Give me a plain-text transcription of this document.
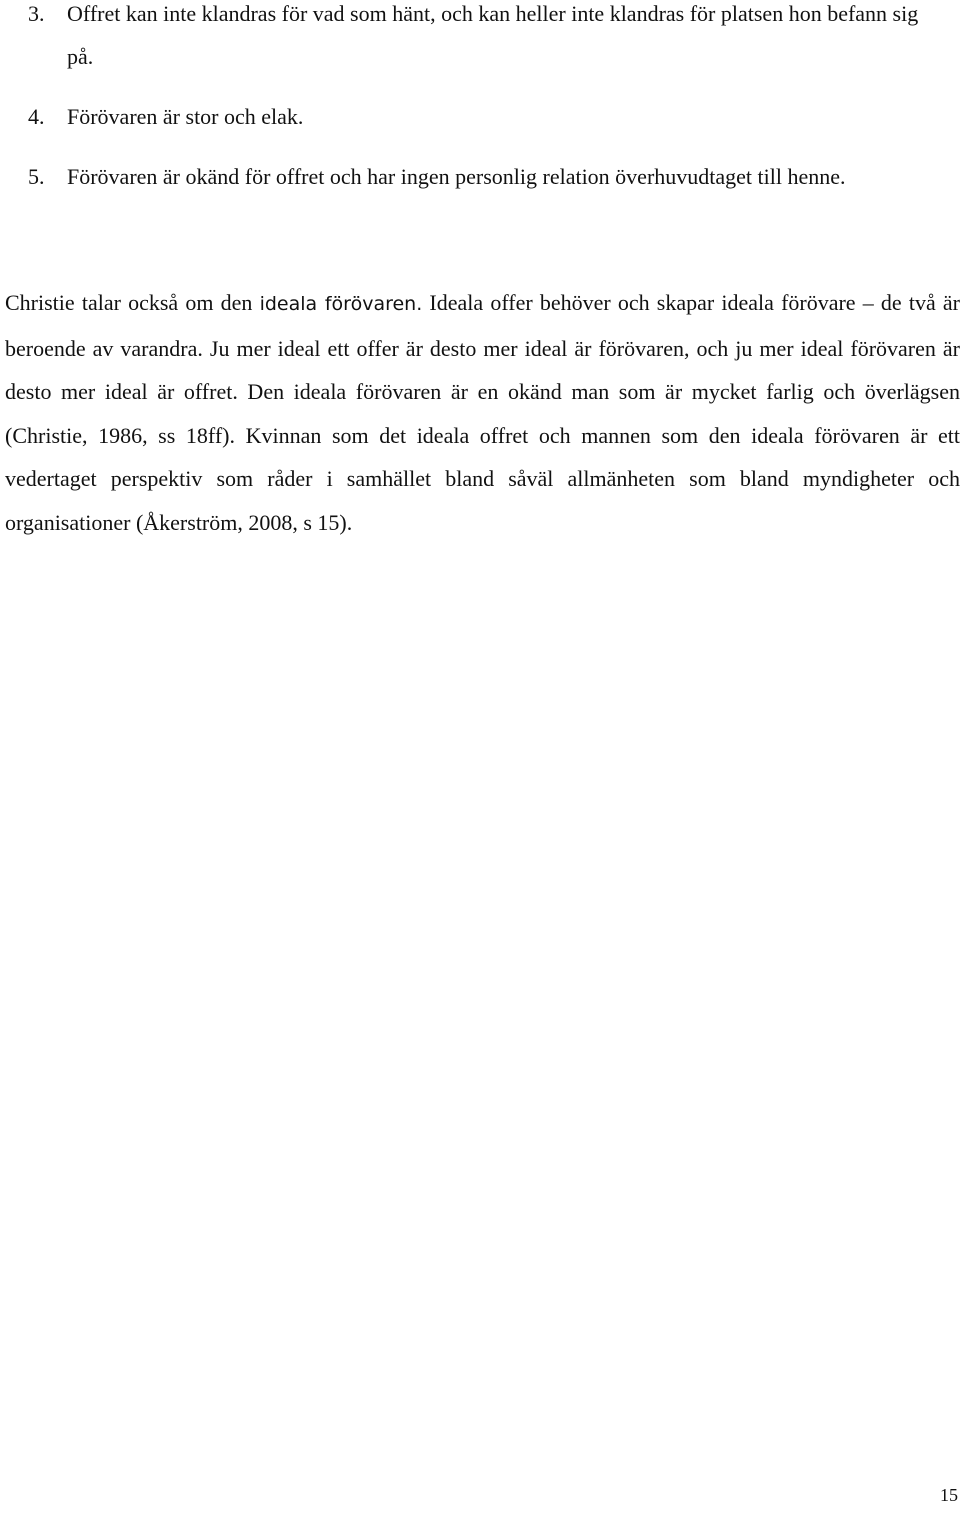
3. Offret kan inte klandras för vad som hänt, och kan heller inte klandras för platsen hon befann sig på.
4. Förövaren är stor och elak.
5. Förövaren är okänd för offret och har ingen personlig relation överhuvudtaget till henne.

Christie talar också om den ideala förövaren. Ideala offer behöver och skapar ideala förövare – de två är beroende av varandra. Ju mer ideal ett offer är desto mer ideal är förövaren, och ju mer ideal förövaren är desto mer ideal är offret. Den ideala förövaren är en okänd man som är mycket farlig och överlägsen (Christie, 1986, ss 18ff). Kvinnan som det ideala offret och mannen som den ideala förövaren är ett vedertaget perspektiv som råder i samhället bland såväl allmänheten som bland myndigheter och organisationer (Åkerström, 2008, s 15).

15
